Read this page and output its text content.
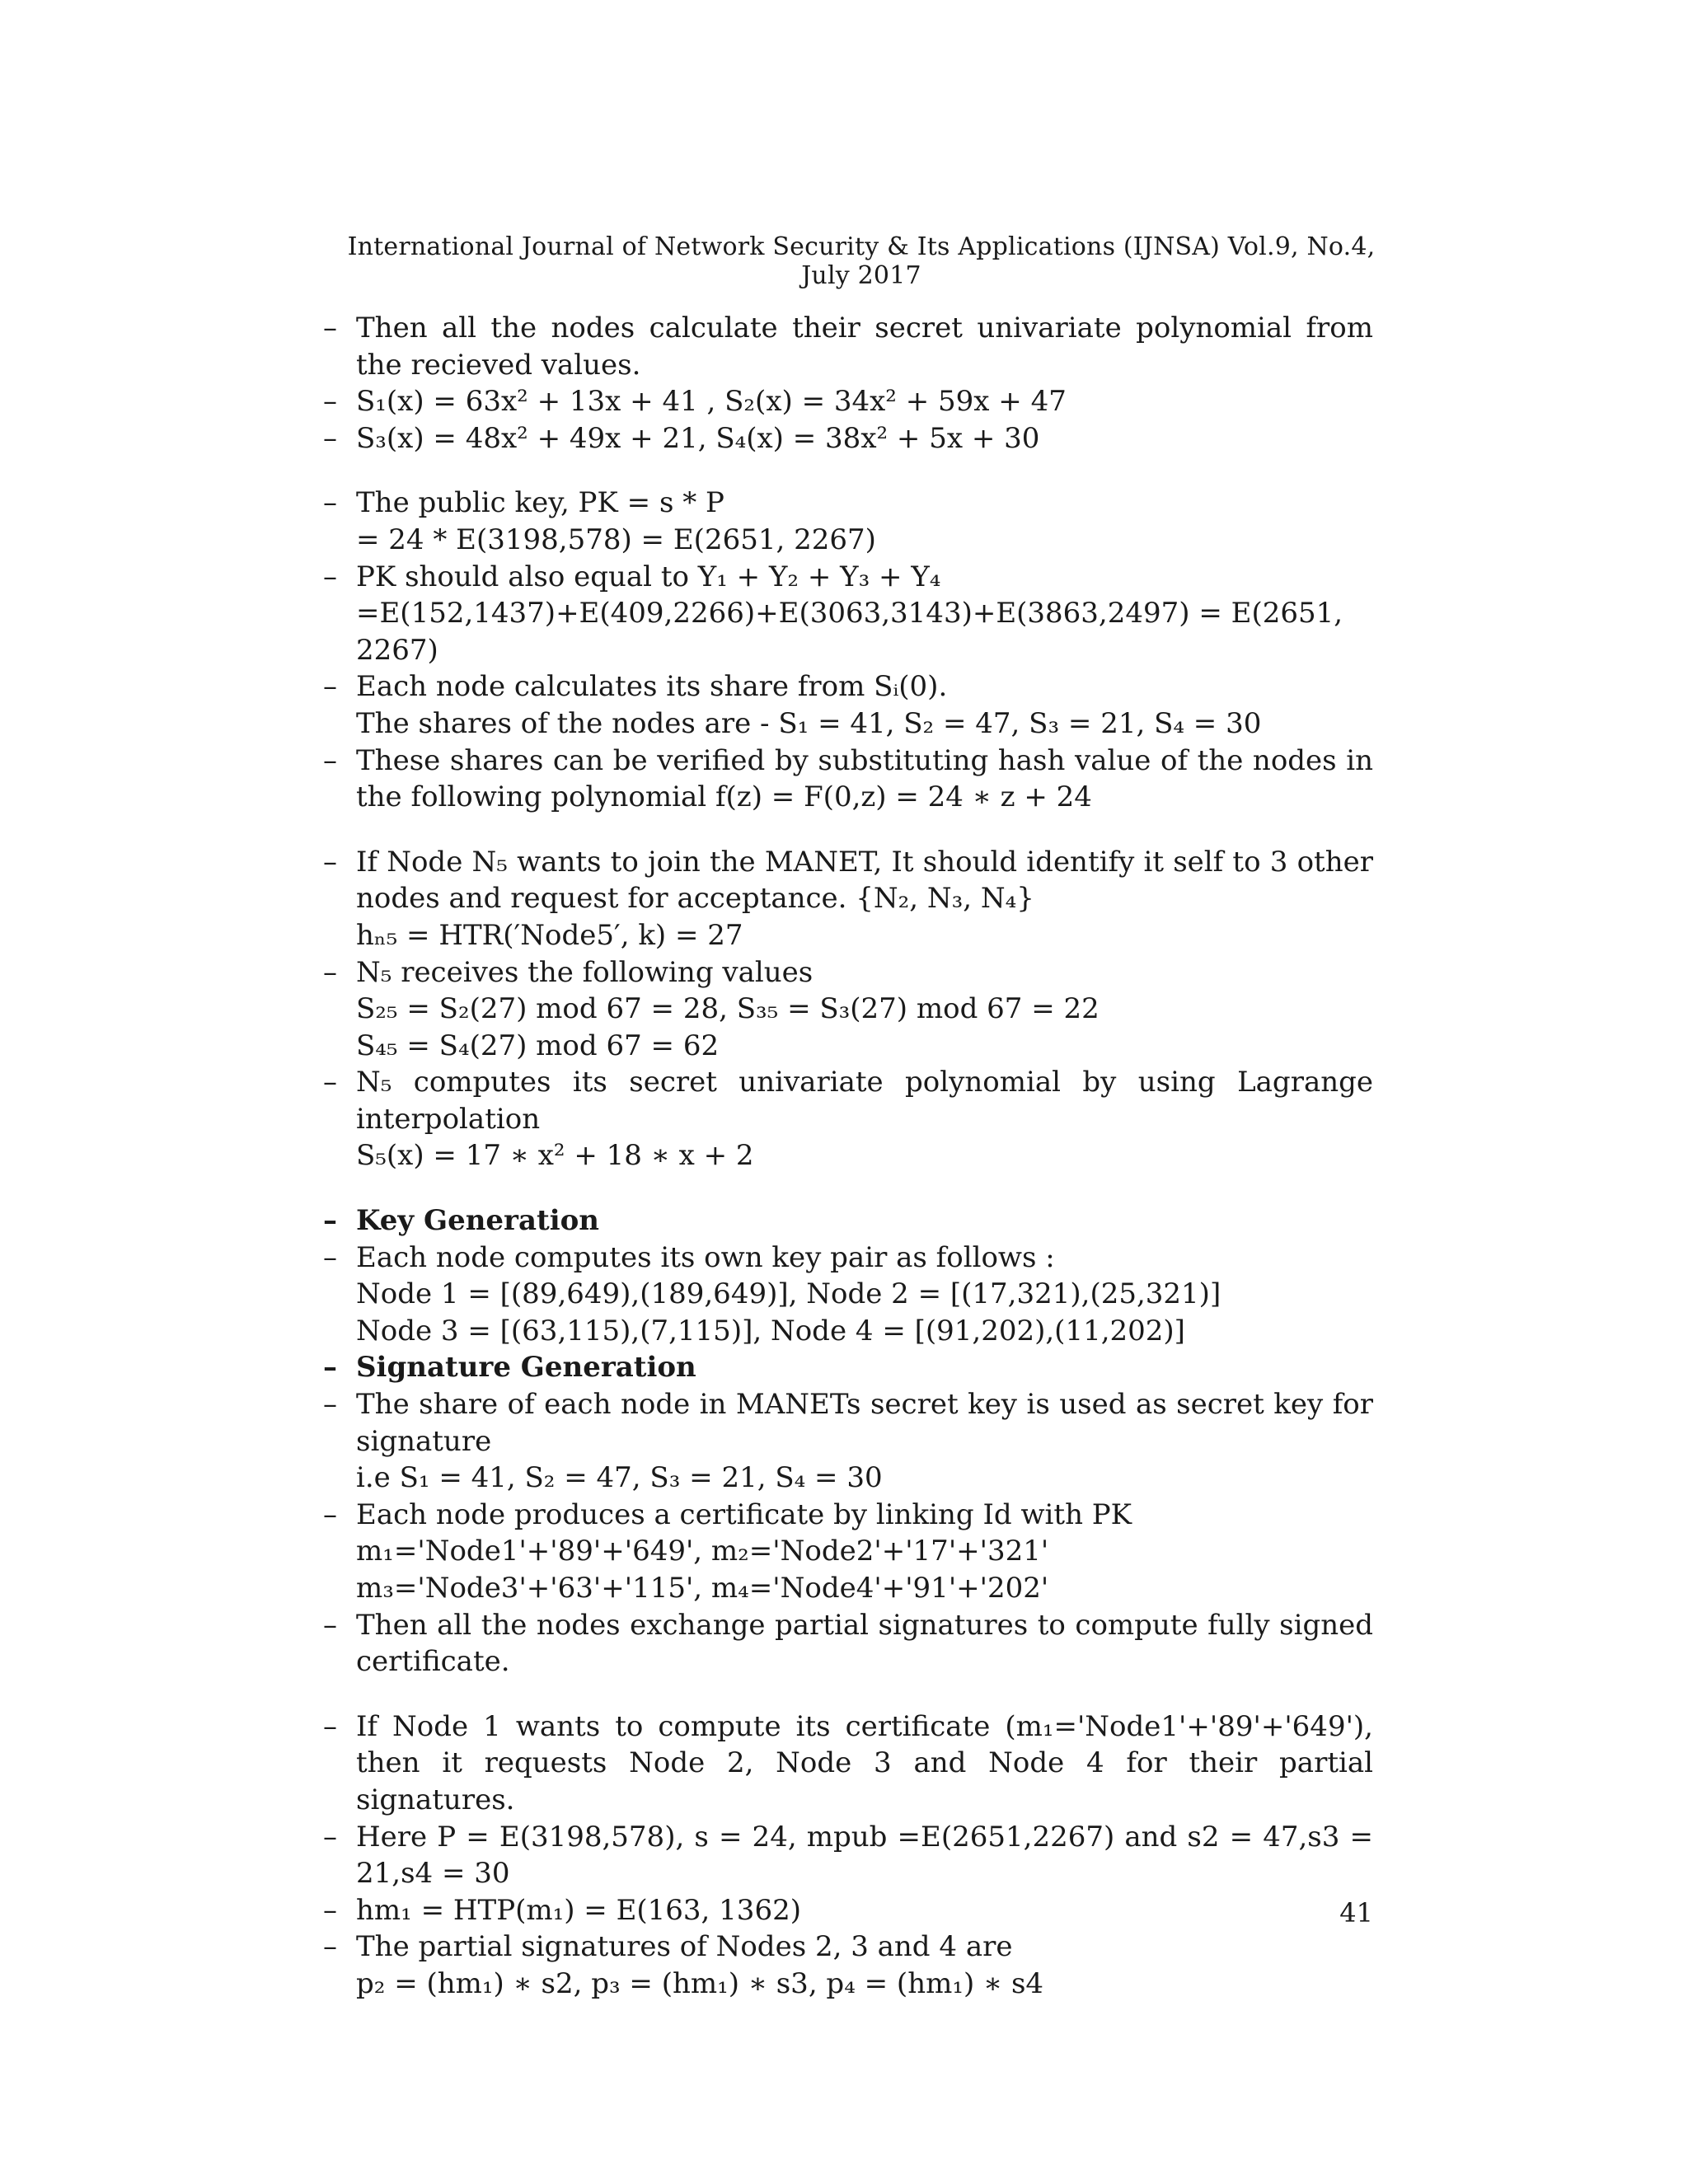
International Journal of Network Security & Its Applications (IJNSA) Vol.9, No.4, July 2017
– Then all the nodes calculate their secret univariate polynomial from the recieved values.
– S₁(x) = 63x² + 13x + 41 , S₂(x) = 34x² + 59x + 47
– S₃(x) = 48x² + 49x + 21, S₄(x) = 38x² + 5x + 30
– The public key, PK = s * P
= 24 * E(3198,578) = E(2651, 2267)
– PK should also equal to Y₁ + Y₂ + Y₃ + Y₄
=E(152,1437)+E(409,2266)+E(3063,3143)+E(3863,2497) = E(2651, 2267)
– Each node calculates its share from Sᵢ(0).
The shares of the nodes are - S₁ = 41, S₂ = 47, S₃ = 21, S₄ = 30
– These shares can be verified by substituting hash value of the nodes in the following polynomial f(z) = F(0,z) = 24 ∗ z + 24
– If Node N₅ wants to join the MANET, It should identify it self to 3 other nodes and request for acceptance. {N₂, N₃, N₄}
hₙ₅ = HTR(′Node5′, k) = 27
– N₅ receives the following values
S₂₅ = S₂(27) mod 67 = 28, S₃₅ = S₃(27) mod 67 = 22
S₄₅ = S₄(27) mod 67 = 62
– N₅ computes its secret univariate polynomial by using Lagrange interpolation
S₅(x) = 17 ∗ x² + 18 ∗ x + 2
– Key Generation
– Each node computes its own key pair as follows :
Node 1 = [(89,649),(189,649)], Node 2 = [(17,321),(25,321)]
Node 3 = [(63,115),(7,115)], Node 4 = [(91,202),(11,202)]
– Signature Generation
– The share of each node in MANETs secret key is used as secret key for signature
i.e S₁ = 41, S₂ = 47, S₃ = 21, S₄ = 30
– Each node produces a certificate by linking Id with PK
m₁='Node1'+'89'+'649', m₂='Node2'+'17'+'321'
m₃='Node3'+'63'+'115', m₄='Node4'+'91'+'202'
– Then all the nodes exchange partial signatures to compute fully signed certificate.
– If Node 1 wants to compute its certificate (m₁='Node1'+'89'+'649'), then it requests Node 2, Node 3 and Node 4 for their partial signatures.
– Here P = E(3198,578), s = 24, mpub =E(2651,2267) and s2 = 47,s3 = 21,s4 = 30
– hm₁ = HTP(m₁) = E(163, 1362)
– The partial signatures of Nodes 2, 3 and 4 are
p₂ = (hm₁) ∗ s2, p₃ = (hm₁) ∗ s3, p₄ = (hm₁) ∗ s4
41
